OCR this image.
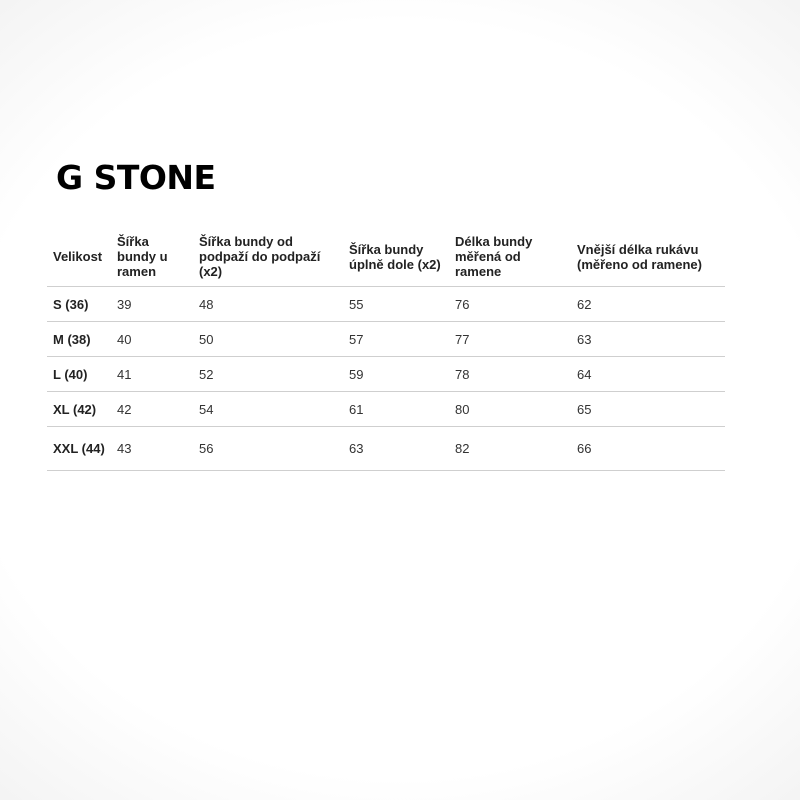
G STONE
Velikost	Šířka bundy u ramen	Šířka bundy od podpaží do podpaží (x2)	Šířka bundy úplně dole (x2)	Délka bundy měřená od ramene	Vnější délka rukávu (měřeno od ramene)
S (36)	39	48	55	76	62
M (38)	40	50	57	77	63
L (40)	41	52	59	78	64
XL (42)	42	54	61	80	65
XXL (44)	43	56	63	82	66
